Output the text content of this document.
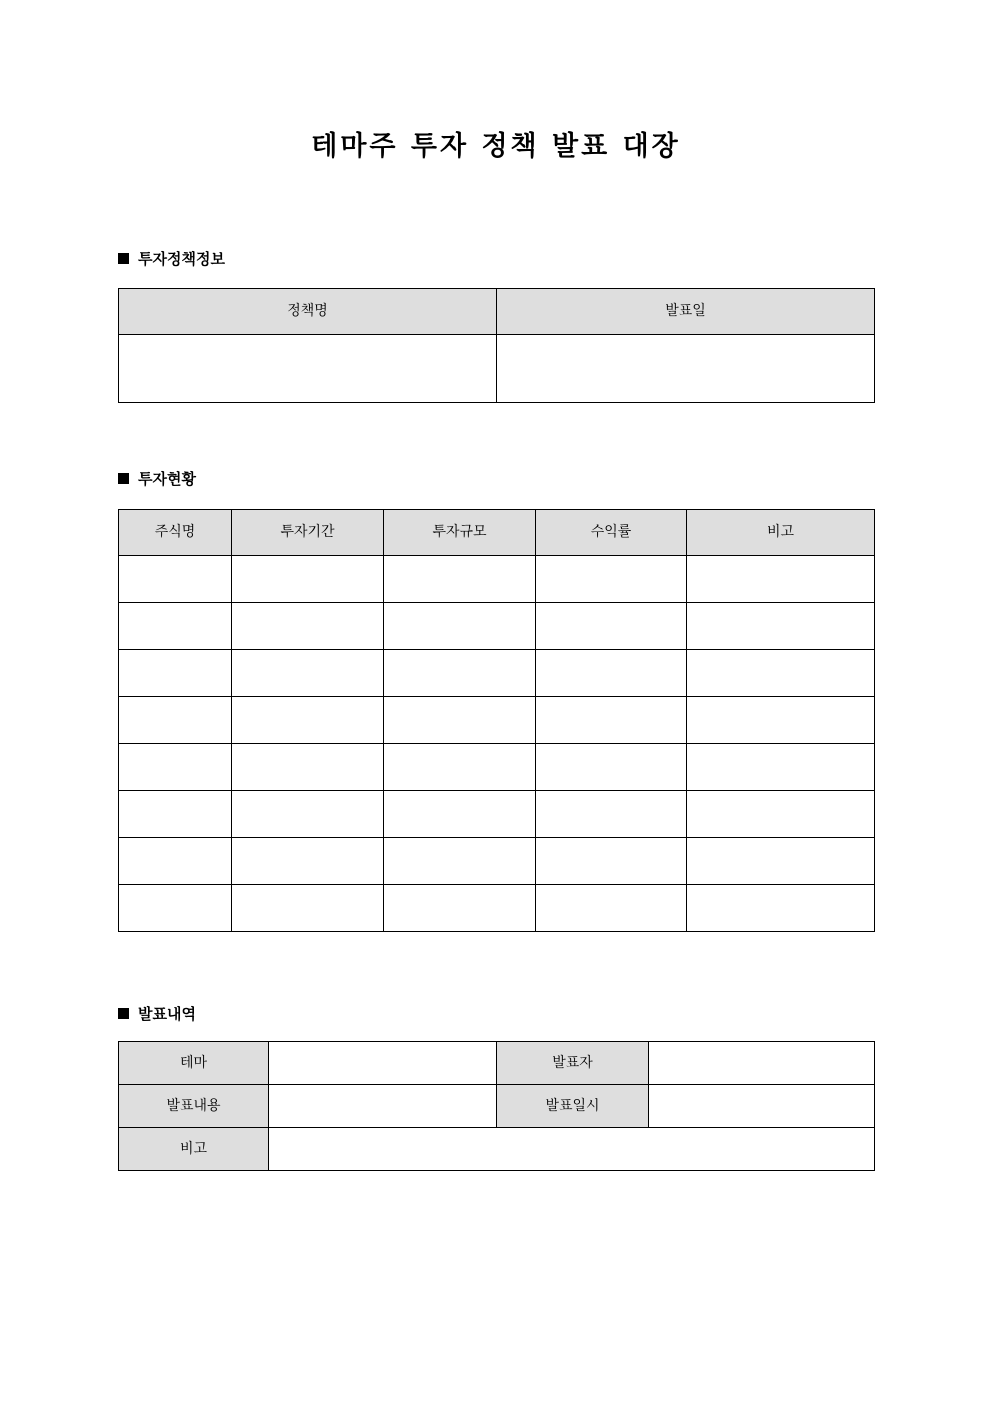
테마주 투자 정책 발표 대장
투자정책정보
정책명	발표일

투자현황
주식명	투자기간	투자규모	수익률	비고

발표내역
테마		발표자	
발표내용		발표일시	
비고			
